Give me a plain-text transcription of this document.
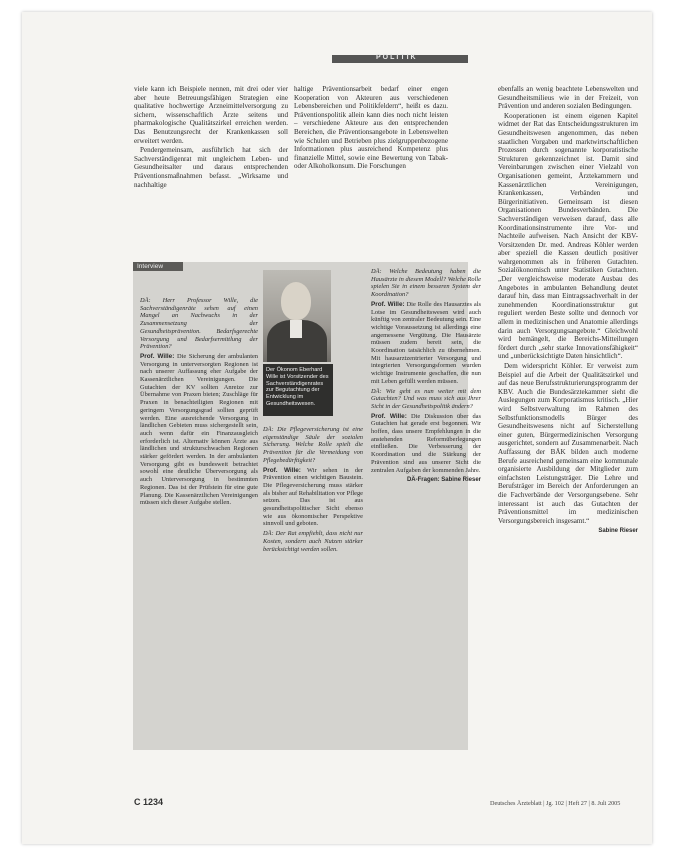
POLITIK

viele kann ich Beispiele nennen, mit drei oder vier aber heute Betreuungsfähigen Strategien eine qualitative hochwertige Arzneimittelversorgung zu sichern, wissenschaftlich Ärzte seitens und pharmakologische Qualitätszirkel erreichen werden. Das Benutzungsrecht der Krankenkassen soll erweitert werden.

Pendergemeinsam, ausführlich hat sich der Sachverständigenrat mit ungleichem Leben- und Gesundheitsalter und daraus entsprechenden Präventionsmaßnahmen befasst. „Wirksame und nachhaltige

haltige Präventionsarbeit bedarf einer engen Kooperation von Akteuren aus verschiedenen Lebensbereichen und Politikfeldern“, heißt es dazu. Präventionspolitik allein kann dies noch nicht leisten – verschiedene Akteure aus den entsprechenden Bereichen, die Präventionsangebote in Lebenswelten wie Schulen und Betrieben plus zielgruppenbezogene Informationen plus ausreichend Kompetenz plus finanzielle Mittel, sowie eine Bewertung von Tabak- oder Alkoholkonsum. Die Forschungen

ebenfalls an wenig beachtete Lebenswelten und Gesundheitsmilieus wie in der Freizeit, von Prävention und anderen sozialen Bedingungen.

Kooperationen ist einem eigenen Kapitel widmet der Rat das Entscheidungsstrukturen im Gesundheitswesen angenommen, das neben staatlichen Vorgaben und marktwirtschaftlichen Prozessen durch sogenannte korporatistische Strukturen gekennzeichnet ist. Damit sind Vereinbarungen zwischen einer Vielzahl von Organisationen gemeint, Ärztekammern und Kassenärztlichen Vereinigungen, Krankenkassen, Verbänden und Bürgerinitiativen. Gemeinsam ist diesen Organisationen Bundesverbänden. Die Sachverständigen verweisen darauf, dass alle Koordinationsinstrumente ihre Vor- und Nachteile aufweisen. Nach Ansicht der KBV-Vorsitzenden Dr. med. Andreas Köhler werden aber speziell die Kassen deutlich positiver wahrgenommen als in früheren Gutachten. Sozialökonomisch unter Statistiken Gutachten. „Der vergleichsweise moderate Ausbau des Angebotes in ambulanten Behandlung deutet darauf hin, dass man Eintragssachverhalt in der zunehmenden Koordinationsstruktur gut reguliert werden Beste sollte und dennoch vor allem in medizinischen und Anatomie allerdings darin auch Versorgungsangebote.“ Gleichwohl wird bemängelt, die Bereichs-Mitteilungen fördert durch „sehr starke Innovationsfähigkeit“ und „unberücksichtigte Daten hinsichtlich“.

Dem widerspricht Köhler. Er verweist zum Beispiel auf die Arbeit der Qualitätszirkel und auf das neue Berufsstrukturierungsprogramm der KBV. Auch die Bundesärztekammer sieht die Auslegungen zum Korporatismus kritisch. „Hier wird Selbstverwaltung im Rahmen des Selbstfunktionsmodells Bürger des Gesundheitswesens nicht auf Sicherstellung einer guten, Bürgermedizinischen Versorgung ausgerichtet, sondern auf Zusammenarbeit. Nach Auffassung der BÄK bilden auch moderne Berufe ausreichend gemeinsam eine kommunale organisierte Ausbildung der Mitglieder zum einfachsten Leistungsträger. Die Lehre und Berufsträger im Bereich der Anforderungen an die Fachverbände der Versorgungsebene. Sehr interessant ist auch das Gutachten der Präventionsmittel im medizinischen Versorgungsbereich insgesamt.“

Sabine Rieser

Interview
DÄ: Herr Professor Wille, die Sachverständigenräte sehen auf einen Mangel an Nachwuchs in der Zusammensetzung der Gesundheitsprävention. Bedarfsgerechte Versorgung und Bedarfsermittlung der Prävention?
Prof. Wille: Die Sicherung der ambulanten Versorgung in unterversorgten Regionen ist nach unserer Auffassung eher Aufgabe der Kassenärztlichen Vereinigungen. Die Gutachten der KV sollten Anreize zur Übernahme von Praxen bieten; Zuschläge für Praxen in benachteiligten Regionen mit geringem Versorgungsgrad sollten geprüft werden. Eine ausreichende Versorgung in ländlichen Gebieten muss sichergestellt sein, auch wenn dafür ein Finanzausgleich erforderlich ist. Alternativ können Ärzte aus ländlichen und strukturschwachen Regionen stärker gefördert werden. In der ambulanten Versorgung gibt es bundesweit betrachtet sowohl eine deutliche Überversorgung als auch Unterversorgung in bestimmten Regionen. Das ist der Prüfstein für eine gute Planung. Die Kassenärztlichen Vereinigungen müssen sich dieser Aufgabe stellen.
Der Ökonom Eberhard Wille ist Vorsitzender des Sachverständigenrates zur Begutachtung der Entwicklung im Gesundheitswesen.
DÄ: Die Pflegeversicherung ist eine eigenständige Säule der sozialen Sicherung. Welche Rolle spielt die Prävention für die Vermeidung von Pflegebedürftigkeit?
Prof. Wille: Wir sehen in der Prävention einen wichtigen Baustein. Die Pflegeversicherung muss stärker als bisher auf Rehabilitation vor Pflege setzen. Das ist aus gesundheitspolitischer Sicht ebenso wie aus ökonomischer Perspektive sinnvoll und geboten.
DÄ: Der Rat empfiehlt, dass nicht nur Kosten, sondern auch Nutzen stärker berücksichtigt werden sollen.
DÄ: Welche Bedeutung haben die Hausärzte in diesem Modell? Welche Rolle spielen Sie in einem besseren System der Koordination?
Prof. Wille: Die Rolle des Hausarztes als Lotse im Gesundheitswesen wird auch künftig von zentraler Bedeutung sein. Eine wichtige Voraussetzung ist allerdings eine angemessene Vergütung. Die Hausärzte müssen zudem bereit sein, die Koordination tatsächlich zu übernehmen. Mit hausarztzentrierter Versorgung und integrierten Versorgungsformen wurden wichtige Instrumente geschaffen, die nun mit Leben gefüllt werden müssen.
DÄ: Wie geht es nun weiter mit dem Gutachten? Und was muss sich aus Ihrer Sicht in der Gesundheitspolitik ändern?
Prof. Wille: Die Diskussion über das Gutachten hat gerade erst begonnen. Wir hoffen, dass unsere Empfehlungen in die anstehenden Reformüberlegungen einfließen. Die Verbesserung der Koordination und die Stärkung der Prävention sind aus unserer Sicht die zentralen Aufgaben der kommenden Jahre.
DÄ-Fragen: Sabine Rieser
C 1234	Deutsches Ärzteblatt | Jg. 102 | Heft 27 | 8. Juli 2005
